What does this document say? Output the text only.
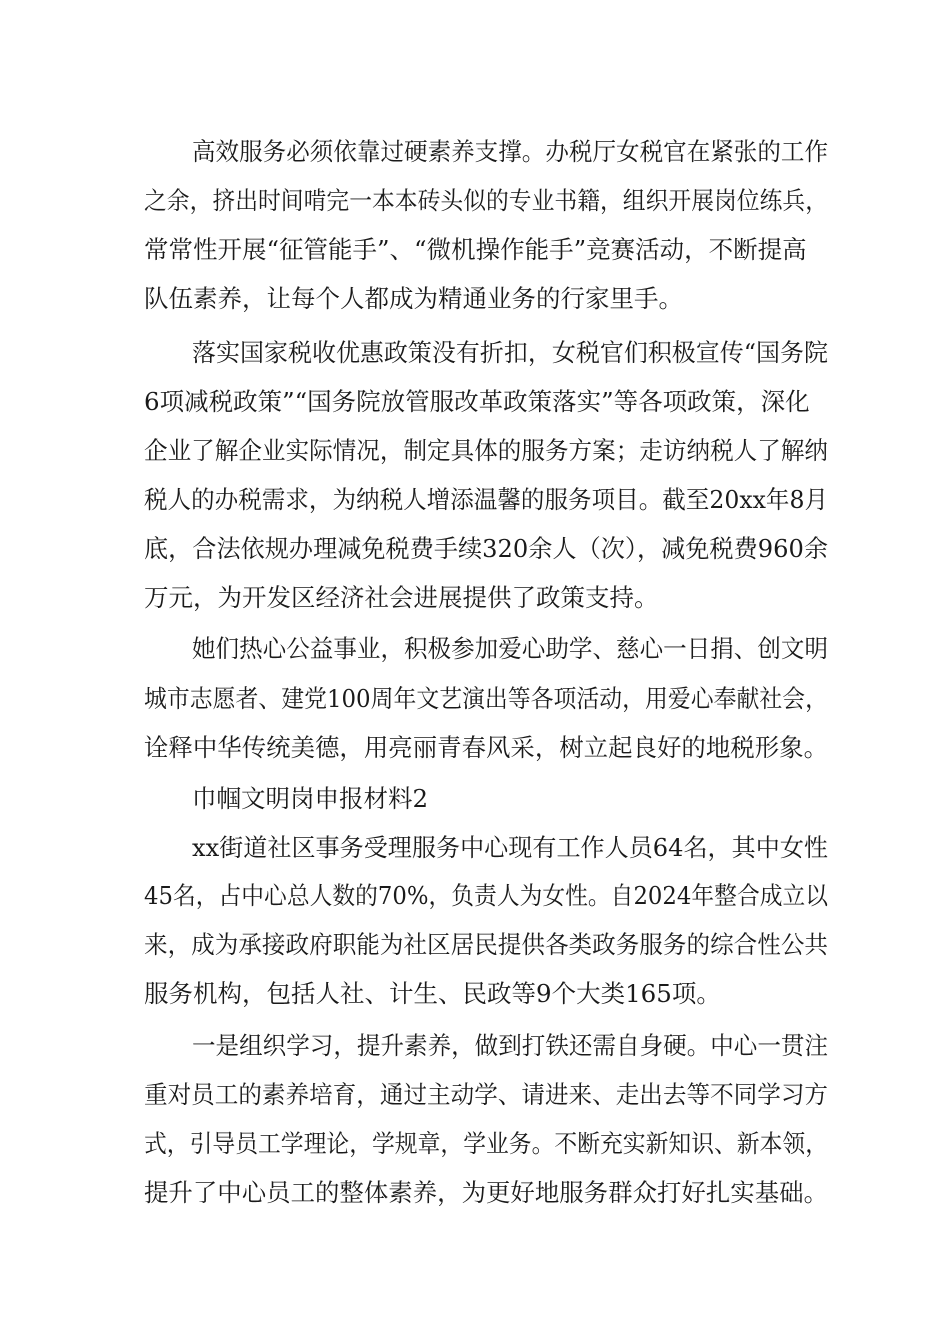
高效服务必须依靠过硬素养支撑。办税厅女税官在紧张的工作
之余，挤出时间啃完一本本砖头似的专业书籍，组织开展岗位练兵，
常常性开展“征管能手”、“微机操作能手”竞赛活动，不断提高
队伍素养，让每个人都成为精通业务的行家里手。
落实国家税收优惠政策没有折扣，女税官们积极宣传“国务院
6项减税政策”“国务院放管服改革政策落实”等各项政策，深化
企业了解企业实际情况，制定具体的服务方案；走访纳税人了解纳
税人的办税需求，为纳税人增添温馨的服务项目。截至20xx年8月
底，合法依规办理减免税费手续320余人（次），减免税费960余
万元，为开发区经济社会进展提供了政策支持。
她们热心公益事业，积极参加爱心助学、慈心一日捐、创文明
城市志愿者、建党100周年文艺演出等各项活动，用爱心奉献社会，
诠释中华传统美德，用亮丽青春风采，树立起良好的地税形象。
巾帼文明岗申报材料2
xx街道社区事务受理服务中心现有工作人员64名，其中女性
45名，占中心总人数的70%，负责人为女性。自2024年整合成立以
来，成为承接政府职能为社区居民提供各类政务服务的综合性公共
服务机构，包括人社、计生、民政等9个大类165项。
一是组织学习，提升素养，做到打铁还需自身硬。中心一贯注
重对员工的素养培育，通过主动学、请进来、走出去等不同学习方
式，引导员工学理论，学规章，学业务。不断充实新知识、新本领，
提升了中心员工的整体素养，为更好地服务群众打好扎实基础。
